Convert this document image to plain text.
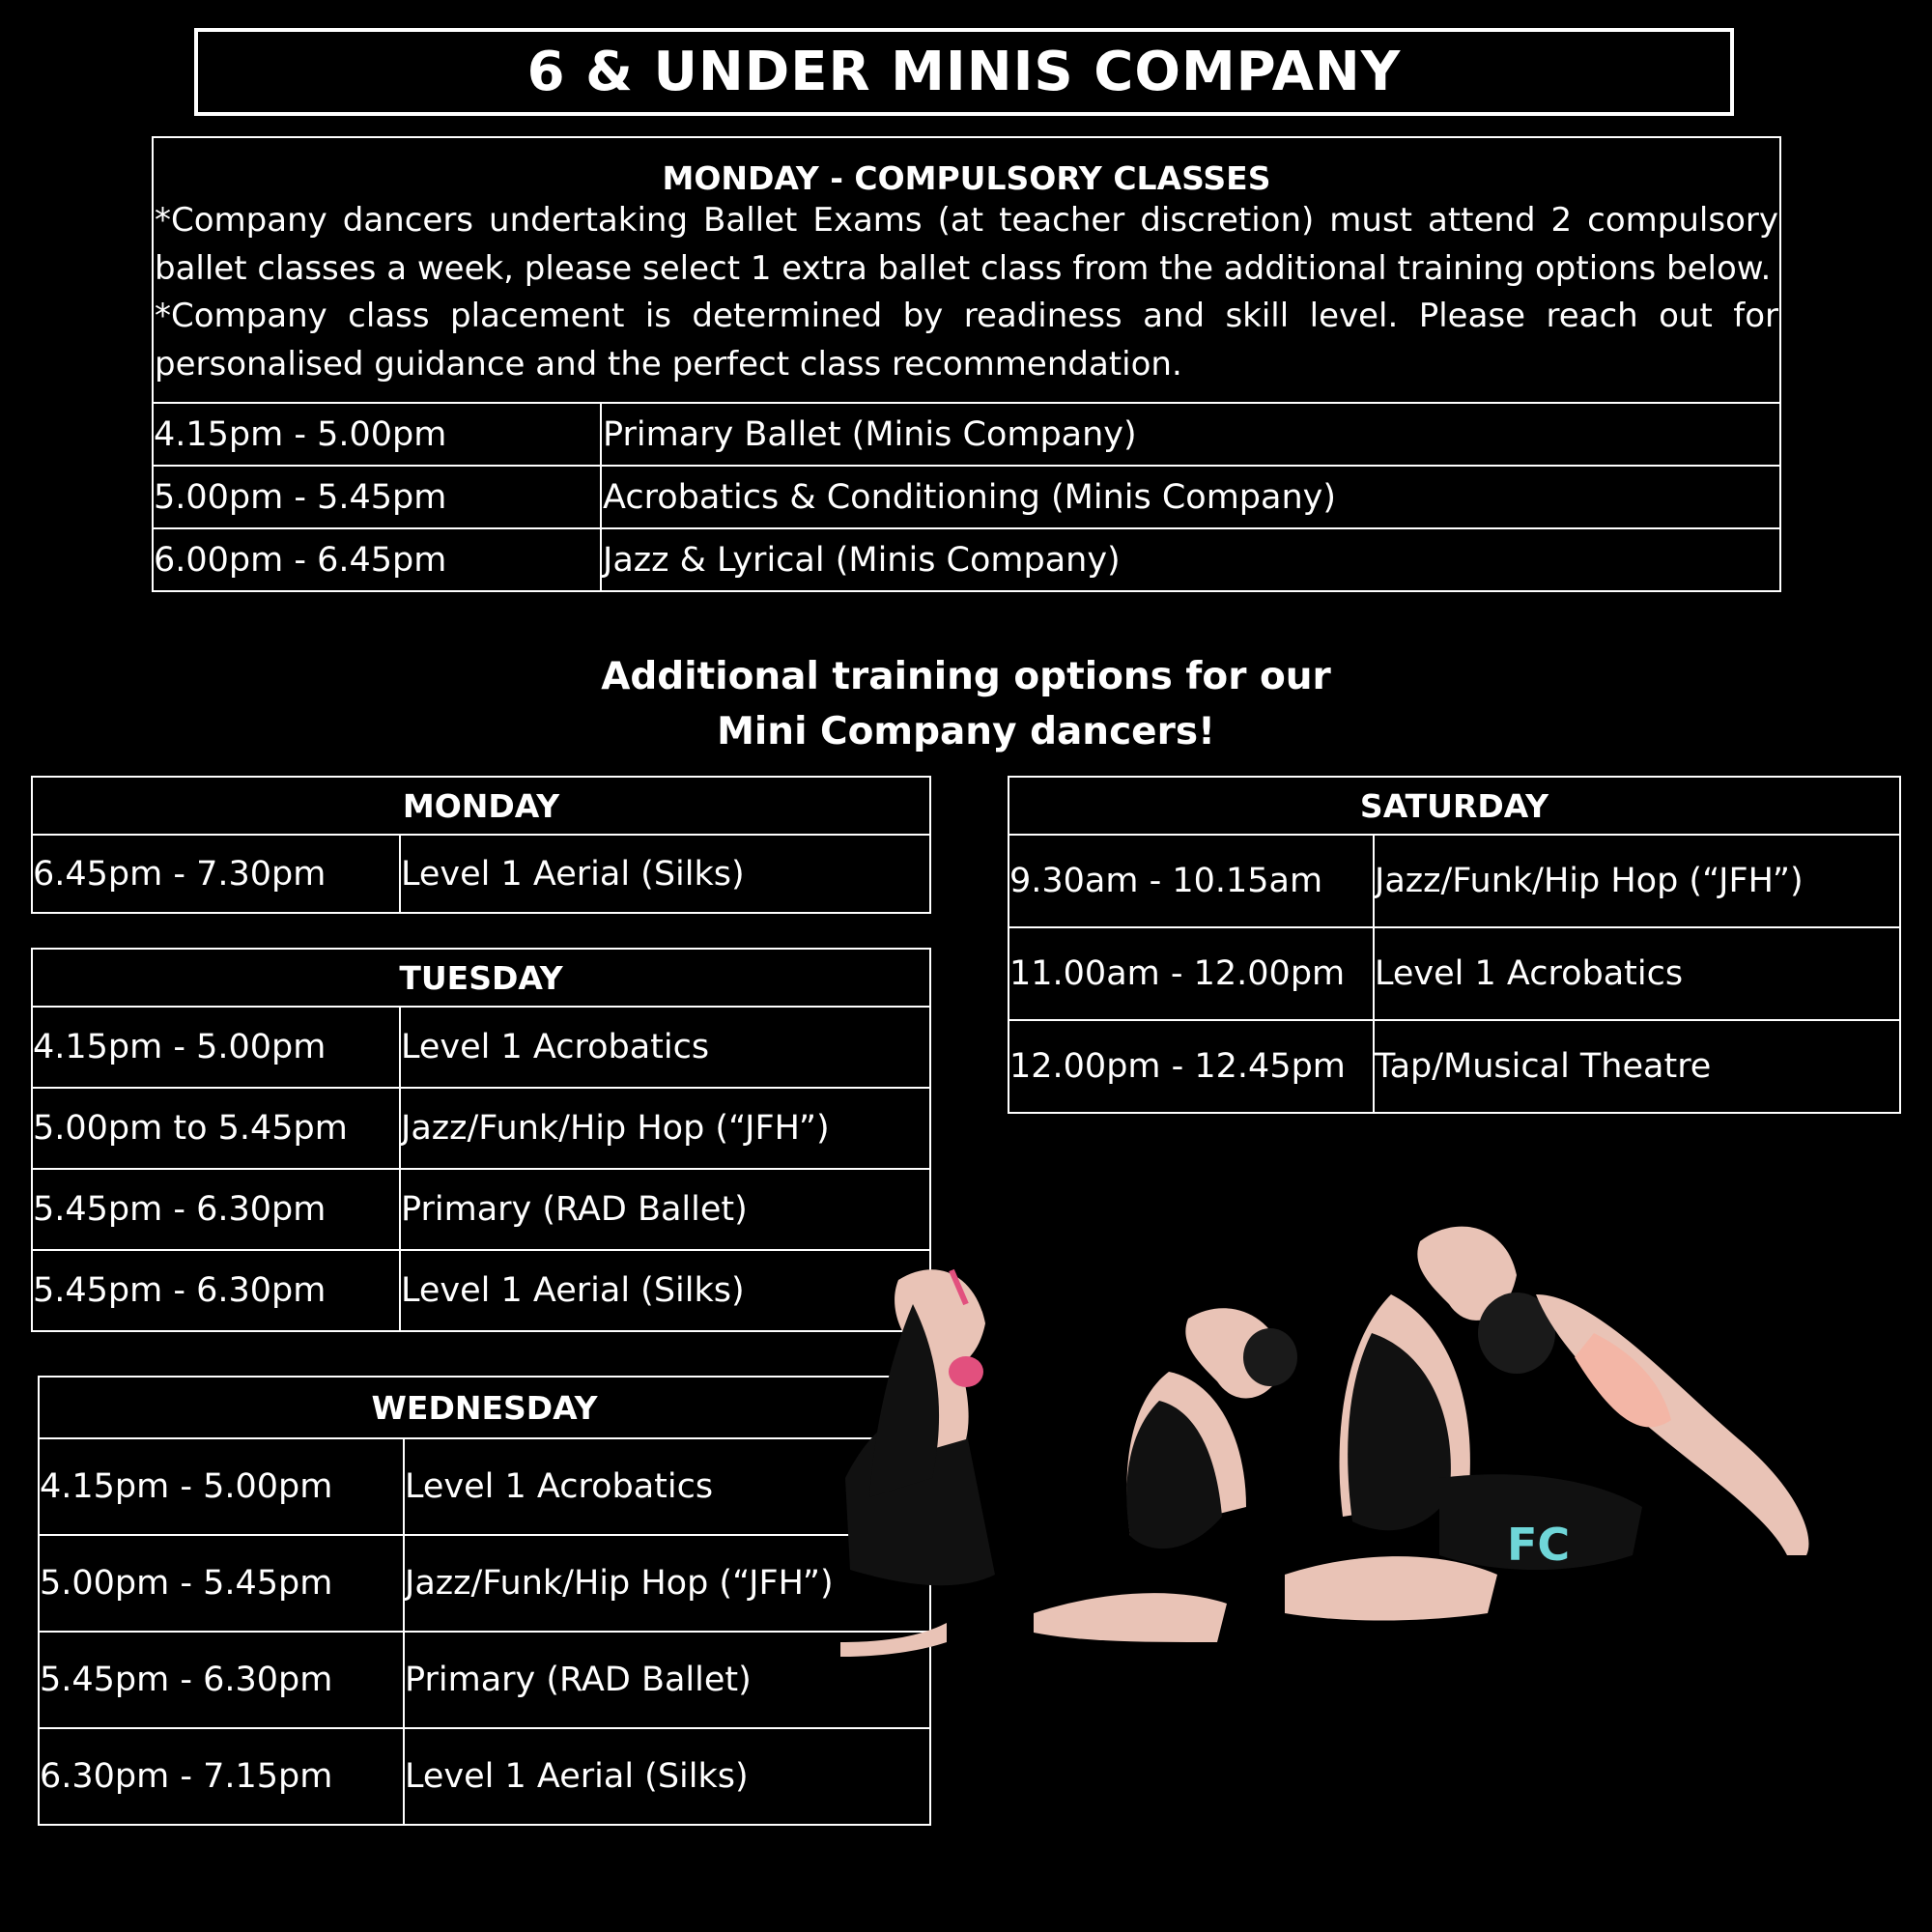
6 & UNDER MINIS COMPANY
MONDAY - COMPULSORY CLASSES

*Company dancers undertaking Ballet Exams (at teacher discretion) must attend 2 compulsory ballet classes a week, please select 1 extra ballet class from the additional training options below.

*Company class placement is determined by readiness and skill level. Please reach out for personalised guidance and the perfect class recommendation.

4.15pm - 5.00pm	Primary Ballet (Minis Company)
5.00pm - 5.45pm	Acrobatics & Conditioning (Minis Company)
6.00pm - 6.45pm	Jazz & Lyrical (Minis Company)
Additional training options for our
Mini Company dancers!
MONDAY
6.45pm - 7.30pm	Level 1 Aerial (Silks)
TUESDAY	
4.15pm - 5.00pm	Level 1 Acrobatics
5.00pm to 5.45pm	Jazz/Funk/Hip Hop (“JFH”)
5.45pm - 6.30pm	Primary (RAD Ballet)
5.45pm - 6.30pm	Level 1 Aerial (Silks)
WEDNESDAY	
4.15pm - 5.00pm	Level 1 Acrobatics
5.00pm - 5.45pm	Jazz/Funk/Hip Hop (“JFH”)
5.45pm - 6.30pm	Primary (RAD Ballet)
6.30pm - 7.15pm	Level 1 Aerial (Silks)
SATURDAY	
9.30am - 10.15am	Jazz/Funk/Hip Hop (“JFH”)
11.00am - 12.00pm	Level 1 Acrobatics
12.00pm - 12.45pm	Tap/Musical Theatre
FC
